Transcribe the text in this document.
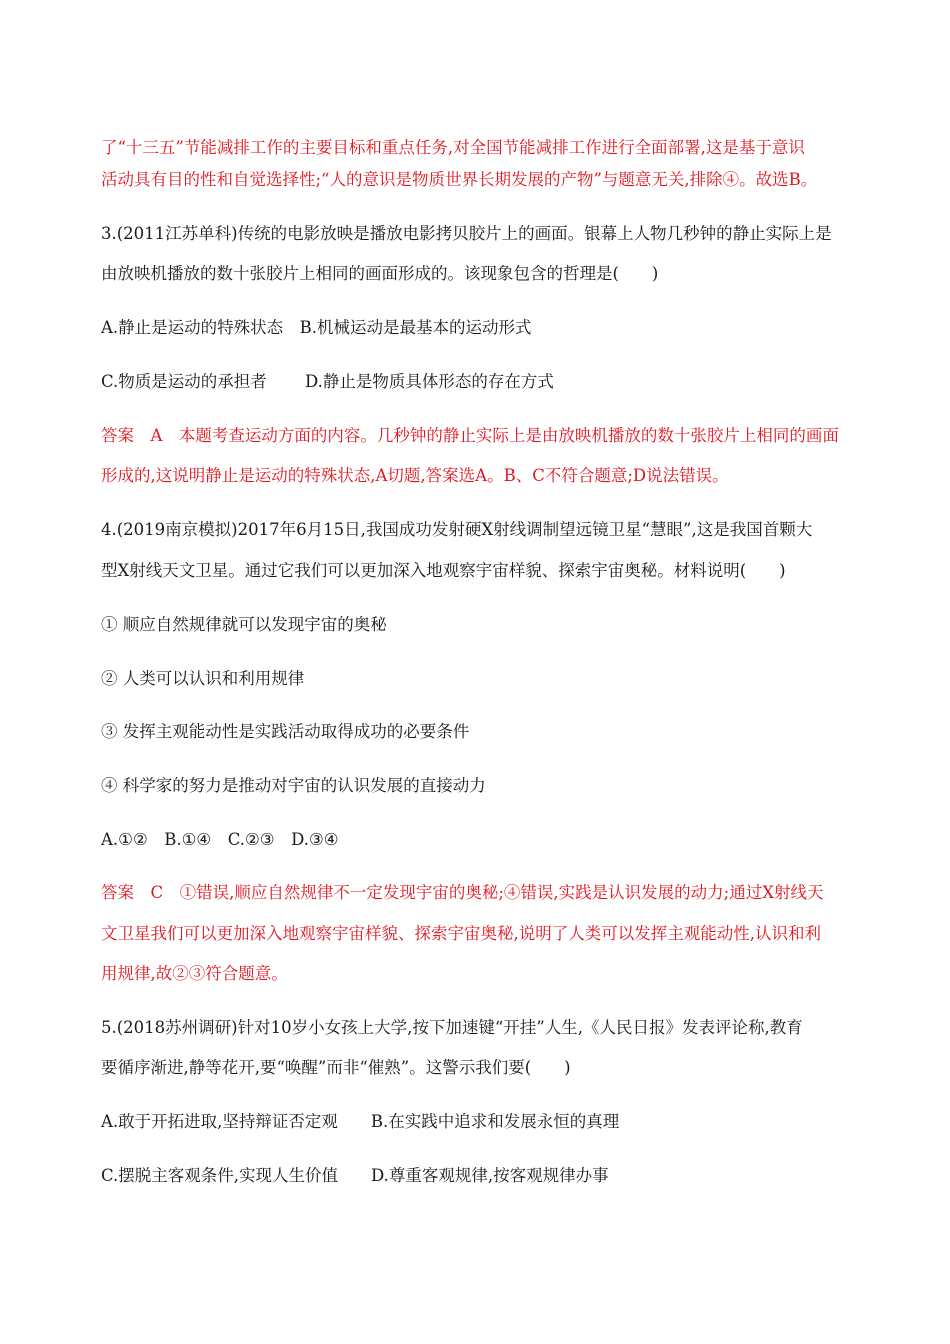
了“十三五”节能减排工作的主要目标和重点任务,对全国节能减排工作进行全面部署,这是基于意识
活动具有目的性和自觉选择性;“人的意识是物质世界长期发展的产物”与题意无关,排除④。故选B。
3.(2011江苏单科)传统的电影放映是播放电影拷贝胶片上的画面。银幕上人物几秒钟的静止实际上是
由放映机播放的数十张胶片上相同的画面形成的。该现象包含的哲理是(　　)
A.静止是运动的特殊状态　B.机械运动是最基本的运动形式
C.物质是运动的承担者　　 D.静止是物质具体形态的存在方式
答案　A　本题考查运动方面的内容。几秒钟的静止实际上是由放映机播放的数十张胶片上相同的画面
形成的,这说明静止是运动的特殊状态,A切题,答案选A。B、C不符合题意;D说法错误。
4.(2019南京模拟)2017年6月15日,我国成功发射硬X射线调制望远镜卫星“慧眼”,这是我国首颗大
型X射线天文卫星。通过它我们可以更加深入地观察宇宙样貌、探索宇宙奥秘。材料说明(　　)
① 顺应自然规律就可以发现宇宙的奥秘
② 人类可以认识和利用规律
③ 发挥主观能动性是实践活动取得成功的必要条件
④ 科学家的努力是推动对宇宙的认识发展的直接动力
A.①②　B.①④　C.②③　D.③④
答案　C　①错误,顺应自然规律不一定发现宇宙的奥秘;④错误,实践是认识发展的动力;通过X射线天
文卫星我们可以更加深入地观察宇宙样貌、探索宇宙奥秘,说明了人类可以发挥主观能动性,认识和利
用规律,故②③符合题意。
5.(2018苏州调研)针对10岁小女孩上大学,按下加速键“开挂”人生,《人民日报》发表评论称,教育
要循序渐进,静等花开,要“唤醒”而非“催熟”。这警示我们要(　　)
A.敢于开拓进取,坚持辩证否定观　　B.在实践中追求和发展永恒的真理
C.摆脱主客观条件,实现人生价值　　D.尊重客观规律,按客观规律办事
